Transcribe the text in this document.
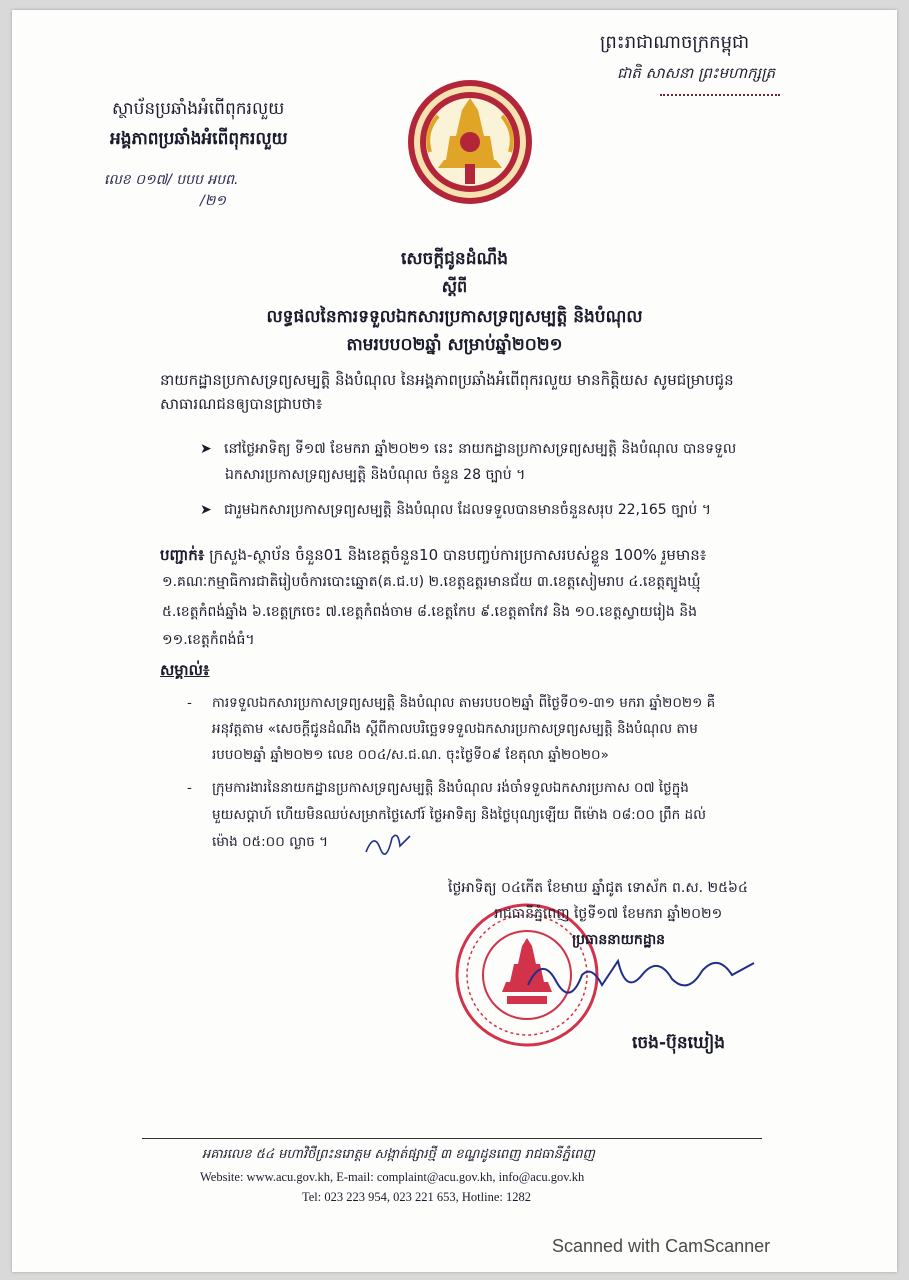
ព្រះរាជាណាចក្រកម្ពុជា
ជាតិ សាសនា ព្រះមហាក្សត្រ
ស្ថាប័នប្រឆាំងអំពើពុករលួយ
អង្គភាពប្រឆាំងអំពើពុករលួយ
លេខ ០១៧/ បបប អបព.
/២១
សេចក្តីជូនដំណឹង
ស្តីពី
លទ្ធផលនៃការទទួលឯកសារប្រកាសទ្រព្យសម្បត្តិ និងបំណុល
តាមរបប០២ឆ្នាំ សម្រាប់ឆ្នាំ២០២១
នាយកដ្ឋានប្រកាសទ្រព្យសម្បត្តិ និងបំណុល នៃអង្គភាពប្រឆាំងអំពើពុករលួយ មានកិត្តិយស សូមជម្រាបជូន
សាធារណជនឲ្យបានជ្រាបថា៖
➤ នៅថ្ងៃអាទិត្យ ទី១៧ ខែមករា ឆ្នាំ២០២១ នេះ នាយកដ្ឋានប្រកាសទ្រព្យសម្បត្តិ និងបំណុល បានទទួល
ឯកសារប្រកាសទ្រព្យសម្បត្តិ និងបំណុល ចំនួន 28 ច្បាប់ ។
➤ ជារួមឯកសារប្រកាសទ្រព្យសម្បត្តិ និងបំណុល ដែលទទួលបានមានចំនួនសរុប 22,165 ច្បាប់ ។
បញ្ជាក់៖ ក្រសួង-ស្ថាប័ន ចំនួន01 និងខេត្តចំនួន10 បានបញ្ចប់ការប្រកាសរបស់ខ្លួន 100% រួមមាន៖
១.គណៈកម្មាធិការជាតិរៀបចំការបោះឆ្នោត(គ.ជ.ប) ២.ខេត្តឧត្តរមានជ័យ ៣.ខេត្តសៀមរាប ៤.ខេត្តត្បូងឃ្មុំ
៥.ខេត្តកំពង់ឆ្នាំង ៦.ខេត្តក្រចេះ ៧.ខេត្តកំពង់ចាម ៨.ខេត្តកែប ៩.ខេត្តតាកែវ និង ១០.ខេត្តស្វាយរៀង និង
១១.ខេត្តកំពង់ធំ។
សម្គាល់៖
- ការទទួលឯកសារប្រកាសទ្រព្យសម្បត្តិ និងបំណុល តាមរបប០២ឆ្នាំ ពីថ្ងៃទី០១-៣១ មករា ឆ្នាំ២០២១ គឺ
អនុវត្តតាម «សេចក្តីជូនដំណឹង ស្តីពីកាលបរិច្ឆេទទទួលឯកសារប្រកាសទ្រព្យសម្បត្តិ និងបំណុល តាម
របប០២ឆ្នាំ ឆ្នាំ២០២១ លេខ ០០៤/ស.ជ.ណ. ចុះថ្ងៃទី០៩ ខែតុលា ឆ្នាំ២០២០»
- ក្រុមការងារនៃនាយកដ្ឋានប្រកាសទ្រព្យសម្បត្តិ និងបំណុល រង់ចាំទទួលឯកសារប្រកាស ០៧ ថ្ងៃក្នុង
មួយសប្តាហ៍ ហើយមិនឈប់សម្រាកថ្ងៃសៅរ៍ ថ្ងៃអាទិត្យ និងថ្ងៃបុណ្យឡើយ ពីម៉ោង ០៨:០០ ព្រឹក ដល់
ម៉ោង ០៥:០០ ល្ងាច ។
ថ្ងៃអាទិត្យ ០៤កើត ខែមាឃ ឆ្នាំជូត ទោស័ក ព.ស. ២៥៦៤
រាជធានីភ្នំពេញ ថ្ងៃទី១៧ ខែមករា ឆ្នាំ២០២១
ប្រធាននាយកដ្ឋាន
ចេង-ប៊ុនឃៀង
អគារលេខ ៥៤ មហាវិថីព្រះនរោត្តម សង្កាត់ផ្សារថ្មី ៣ ខណ្ឌដូនពេញ រាជធានីភ្នំពេញ
Website: www.acu.gov.kh, E-mail: complaint@acu.gov.kh, info@acu.gov.kh
Tel: 023 223 954, 023 221 653, Hotline: 1282
Scanned with CamScanner
